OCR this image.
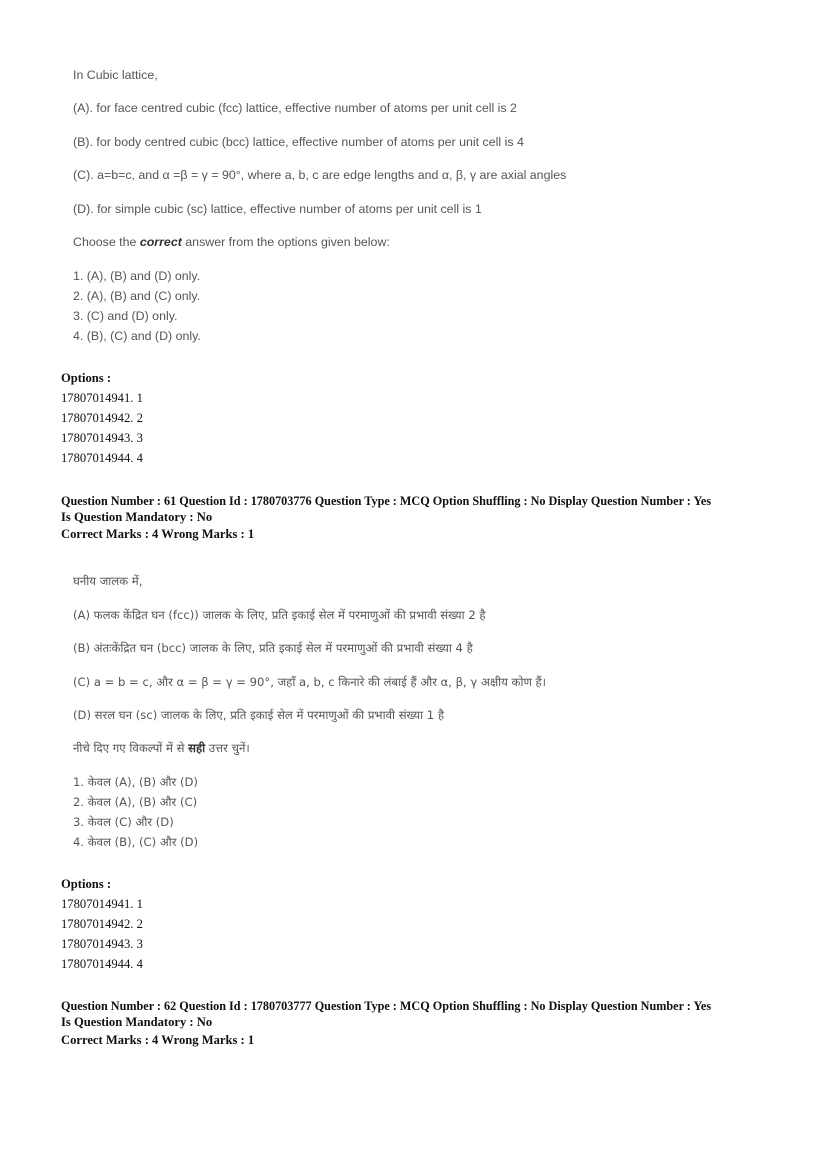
In Cubic lattice,

(A). for face centred cubic (fcc) lattice, effective number of atoms per unit cell is 2

(B). for body centred cubic (bcc) lattice, effective number of atoms per unit cell is 4

(C). a=b=c, and α =β = γ = 90°, where a, b, c are edge lengths and α, β, γ are axial angles

(D). for simple cubic (sc) lattice, effective number of atoms per unit cell is 1

Choose the correct answer from the options given below:

1. (A), (B) and (D) only.

2. (A), (B) and (C) only.

3. (C) and (D) only.

4. (B), (C) and (D) only.

Options :

17807014941. 1

17807014942. 2

17807014943. 3

17807014944. 4

Question Number : 61 Question Id : 1780703776 Question Type : MCQ Option Shuffling : No Display Question Number : Yes

Is Question Mandatory : No

Correct Marks : 4 Wrong Marks : 1

घनीय जालक में,

(A) फलक केंद्रित घन (fcc)) जालक के लिए, प्रति इकाई सेल में परमाणुओं की प्रभावी संख्या 2 है

(B) अंतःकेंद्रित घन (bcc) जालक के लिए, प्रति इकाई सेल में परमाणुओं की प्रभावी संख्या 4 है

(C) a = b = c, और α = β = γ = 90°, जहाँ a, b, c किनारे की लंबाई हैं और α, β, γ अक्षीय कोण हैं।

(D) सरल घन (sc) जालक के लिए, प्रति इकाई सेल में परमाणुओं की प्रभावी संख्या 1 है

नीचे दिए गए विकल्पों में से सही उत्तर चुनें।

1. केवल (A), (B) और (D)

2. केवल (A), (B) और (C)

3. केवल (C) और (D)

4. केवल (B), (C) और (D)

Options :

17807014941. 1

17807014942. 2

17807014943. 3

17807014944. 4

Question Number : 62 Question Id : 1780703777 Question Type : MCQ Option Shuffling : No Display Question Number : Yes

Is Question Mandatory : No

Correct Marks : 4 Wrong Marks : 1
